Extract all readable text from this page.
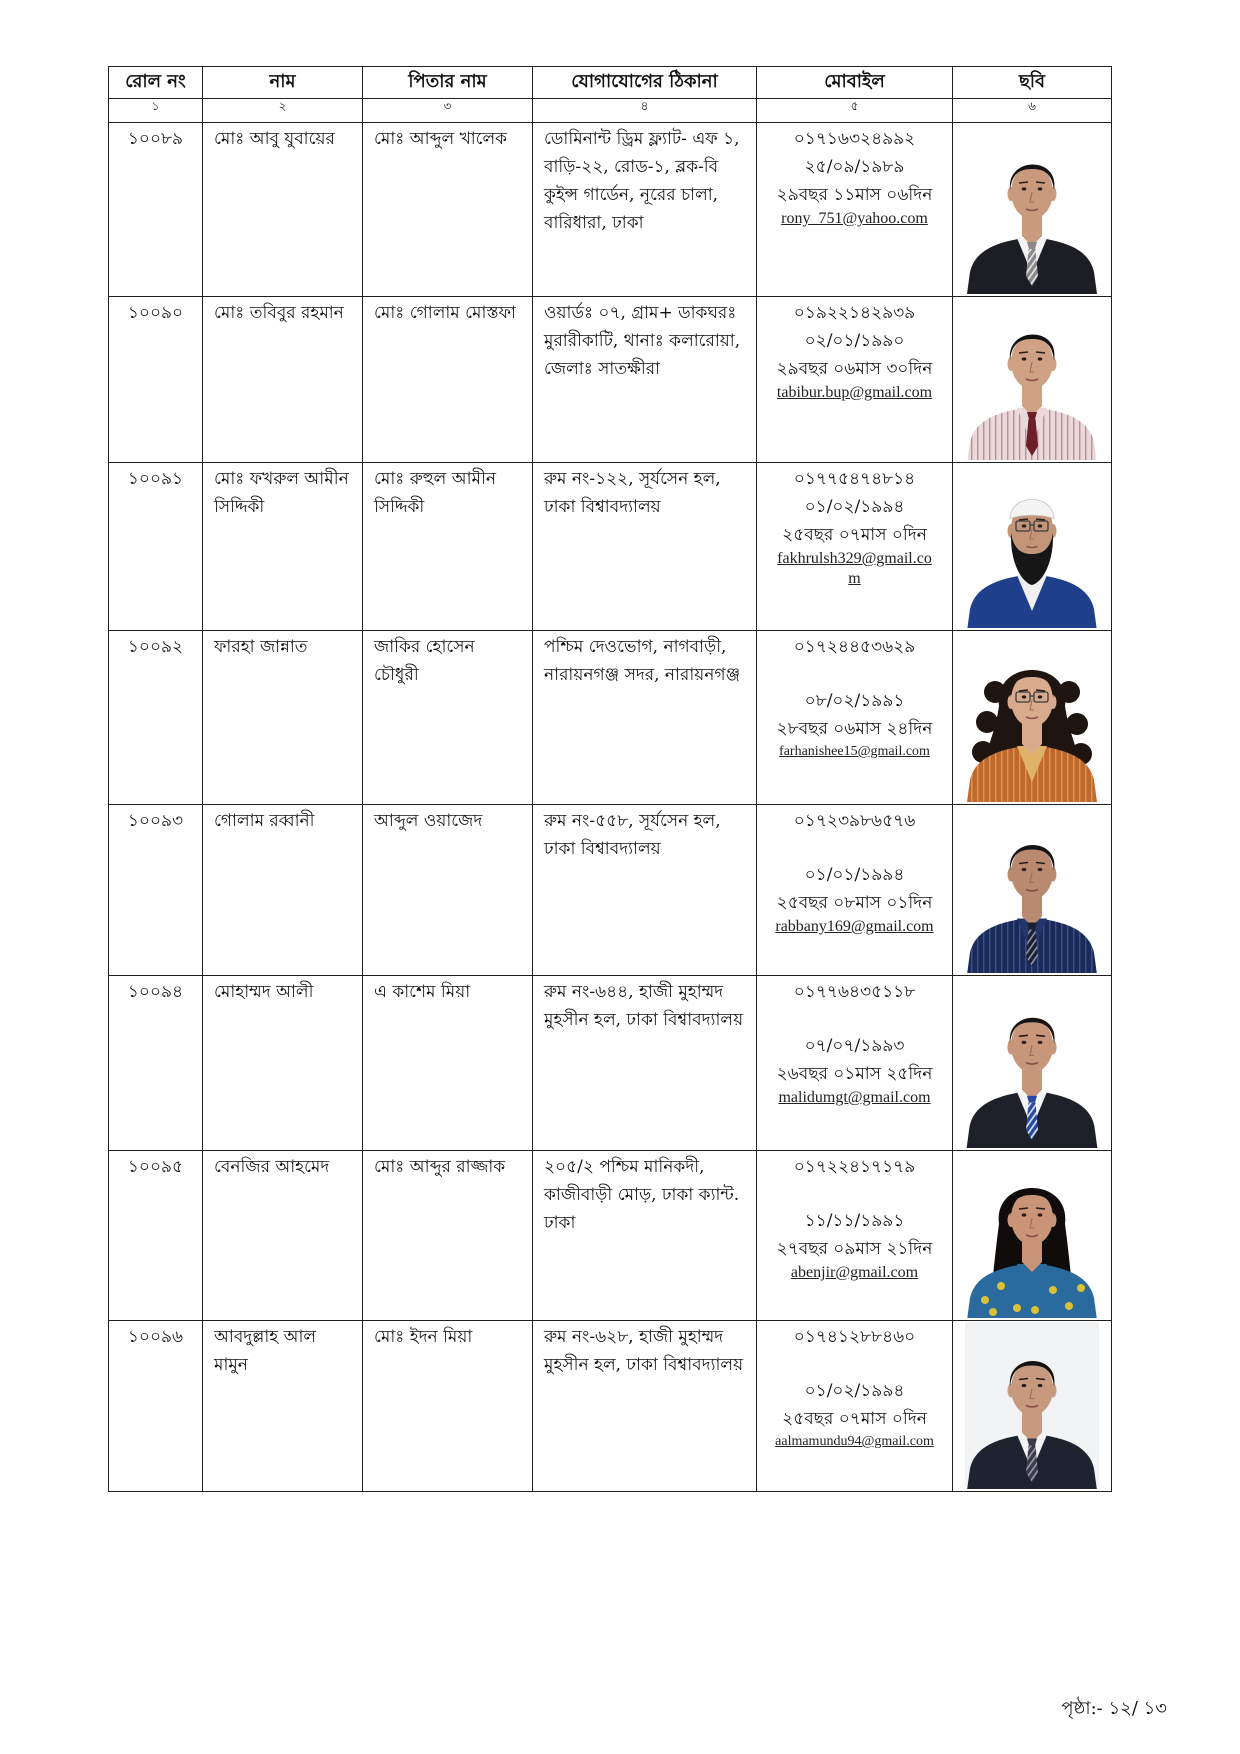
রোল নং	নাম	পিতার নাম	যোগাযোগের ঠিকানা	মোবাইল	ছবি
১	২	৩	৪	৫	৬

১০০৮৯	মোঃ আবু যুবায়ের	মোঃ আব্দুল খালেক	ডোমিনান্ট ড্রিম ফ্ল্যাট- এফ ১, বাড়ি-২২, রোড-১, ব্লক-বি কুইন্স গার্ডেন, নূরের চালা, বারিধারা, ঢাকা	০১৭১৬৩২৪৯৯২
২৫/০৯/১৯৮৯
২৯বছর ১১মাস ০৬দিন
rony_751@yahoo.com

১০০৯০	মোঃ তবিবুর রহমান	মোঃ গোলাম মোস্তফা	ওয়ার্ডঃ ০৭, গ্রাম+ ডাকঘরঃ মুরারীকাটি, থানাঃ কলারোয়া, জেলাঃ সাতক্ষীরা	০১৯২২১৪২৯৩৯
০২/০১/১৯৯০
২৯বছর ০৬মাস ৩০দিন
tabibur.bup@gmail.com

১০০৯১	মোঃ ফখরুল আমীন সিদ্দিকী	মোঃ রুহুল আমীন সিদ্দিকী	রুম নং-১২২, সূর্যসেন হল, ঢাকা বিশ্বাবদ্যালয়	০১৭৭৫৪৭৪৮১৪
০১/০২/১৯৯৪
২৫বছর ০৭মাস ০দিন
fakhrulsh329@gmail.com

১০০৯২	ফারহা জান্নাত	জাকির হোসেন চৌধুরী	পশ্চিম দেওভোগ, নাগবাড়ী, নারায়নগঞ্জ সদর, নারায়নগঞ্জ	০১৭২৪৪৫৩৬২৯
০৮/০২/১৯৯১
২৮বছর ০৬মাস ২৪দিন
farhanishee15@gmail.com

১০০৯৩	গোলাম রব্বানী	আব্দুল ওয়াজেদ	রুম নং-৫৫৮, সূর্যসেন হল, ঢাকা বিশ্বাবদ্যালয়	০১৭২৩৯৮৬৫৭৬
০১/০১/১৯৯৪
২৫বছর ০৮মাস ০১দিন
rabbany169@gmail.com

১০০৯৪	মোহাম্মদ আলী	এ কাশেম মিয়া	রুম নং-৬৪৪, হাজী মুহাম্মদ মুহসীন হল, ঢাকা বিশ্বাবদ্যালয়	০১৭৭৬৪৩৫১১৮
০৭/০৭/১৯৯৩
২৬বছর ০১মাস ২৫দিন
malidumgt@gmail.com

১০০৯৫	বেনজির আহমেদ	মোঃ আব্দুর রাজ্জাক	২০৫/২ পশ্চিম মানিকদী, কাজীবাড়ী মোড়, ঢাকা ক্যান্ট. ঢাকা	০১৭২২৪১৭১৭৯
১১/১১/১৯৯১
২৭বছর ০৯মাস ২১দিন
abenjir@gmail.com

১০০৯৬	আবদুল্লাহ আল মামুন	মোঃ ইদন মিয়া	রুম নং-৬২৮, হাজী মুহাম্মদ মুহসীন হল, ঢাকা বিশ্বাবদ্যালয়	০১৭৪১২৮৮৪৬০
০১/০২/১৯৯৪
২৫বছর ০৭মাস ০দিন
aalmamundu94@gmail.com

পৃষ্ঠা:- ১২/ ১৩
